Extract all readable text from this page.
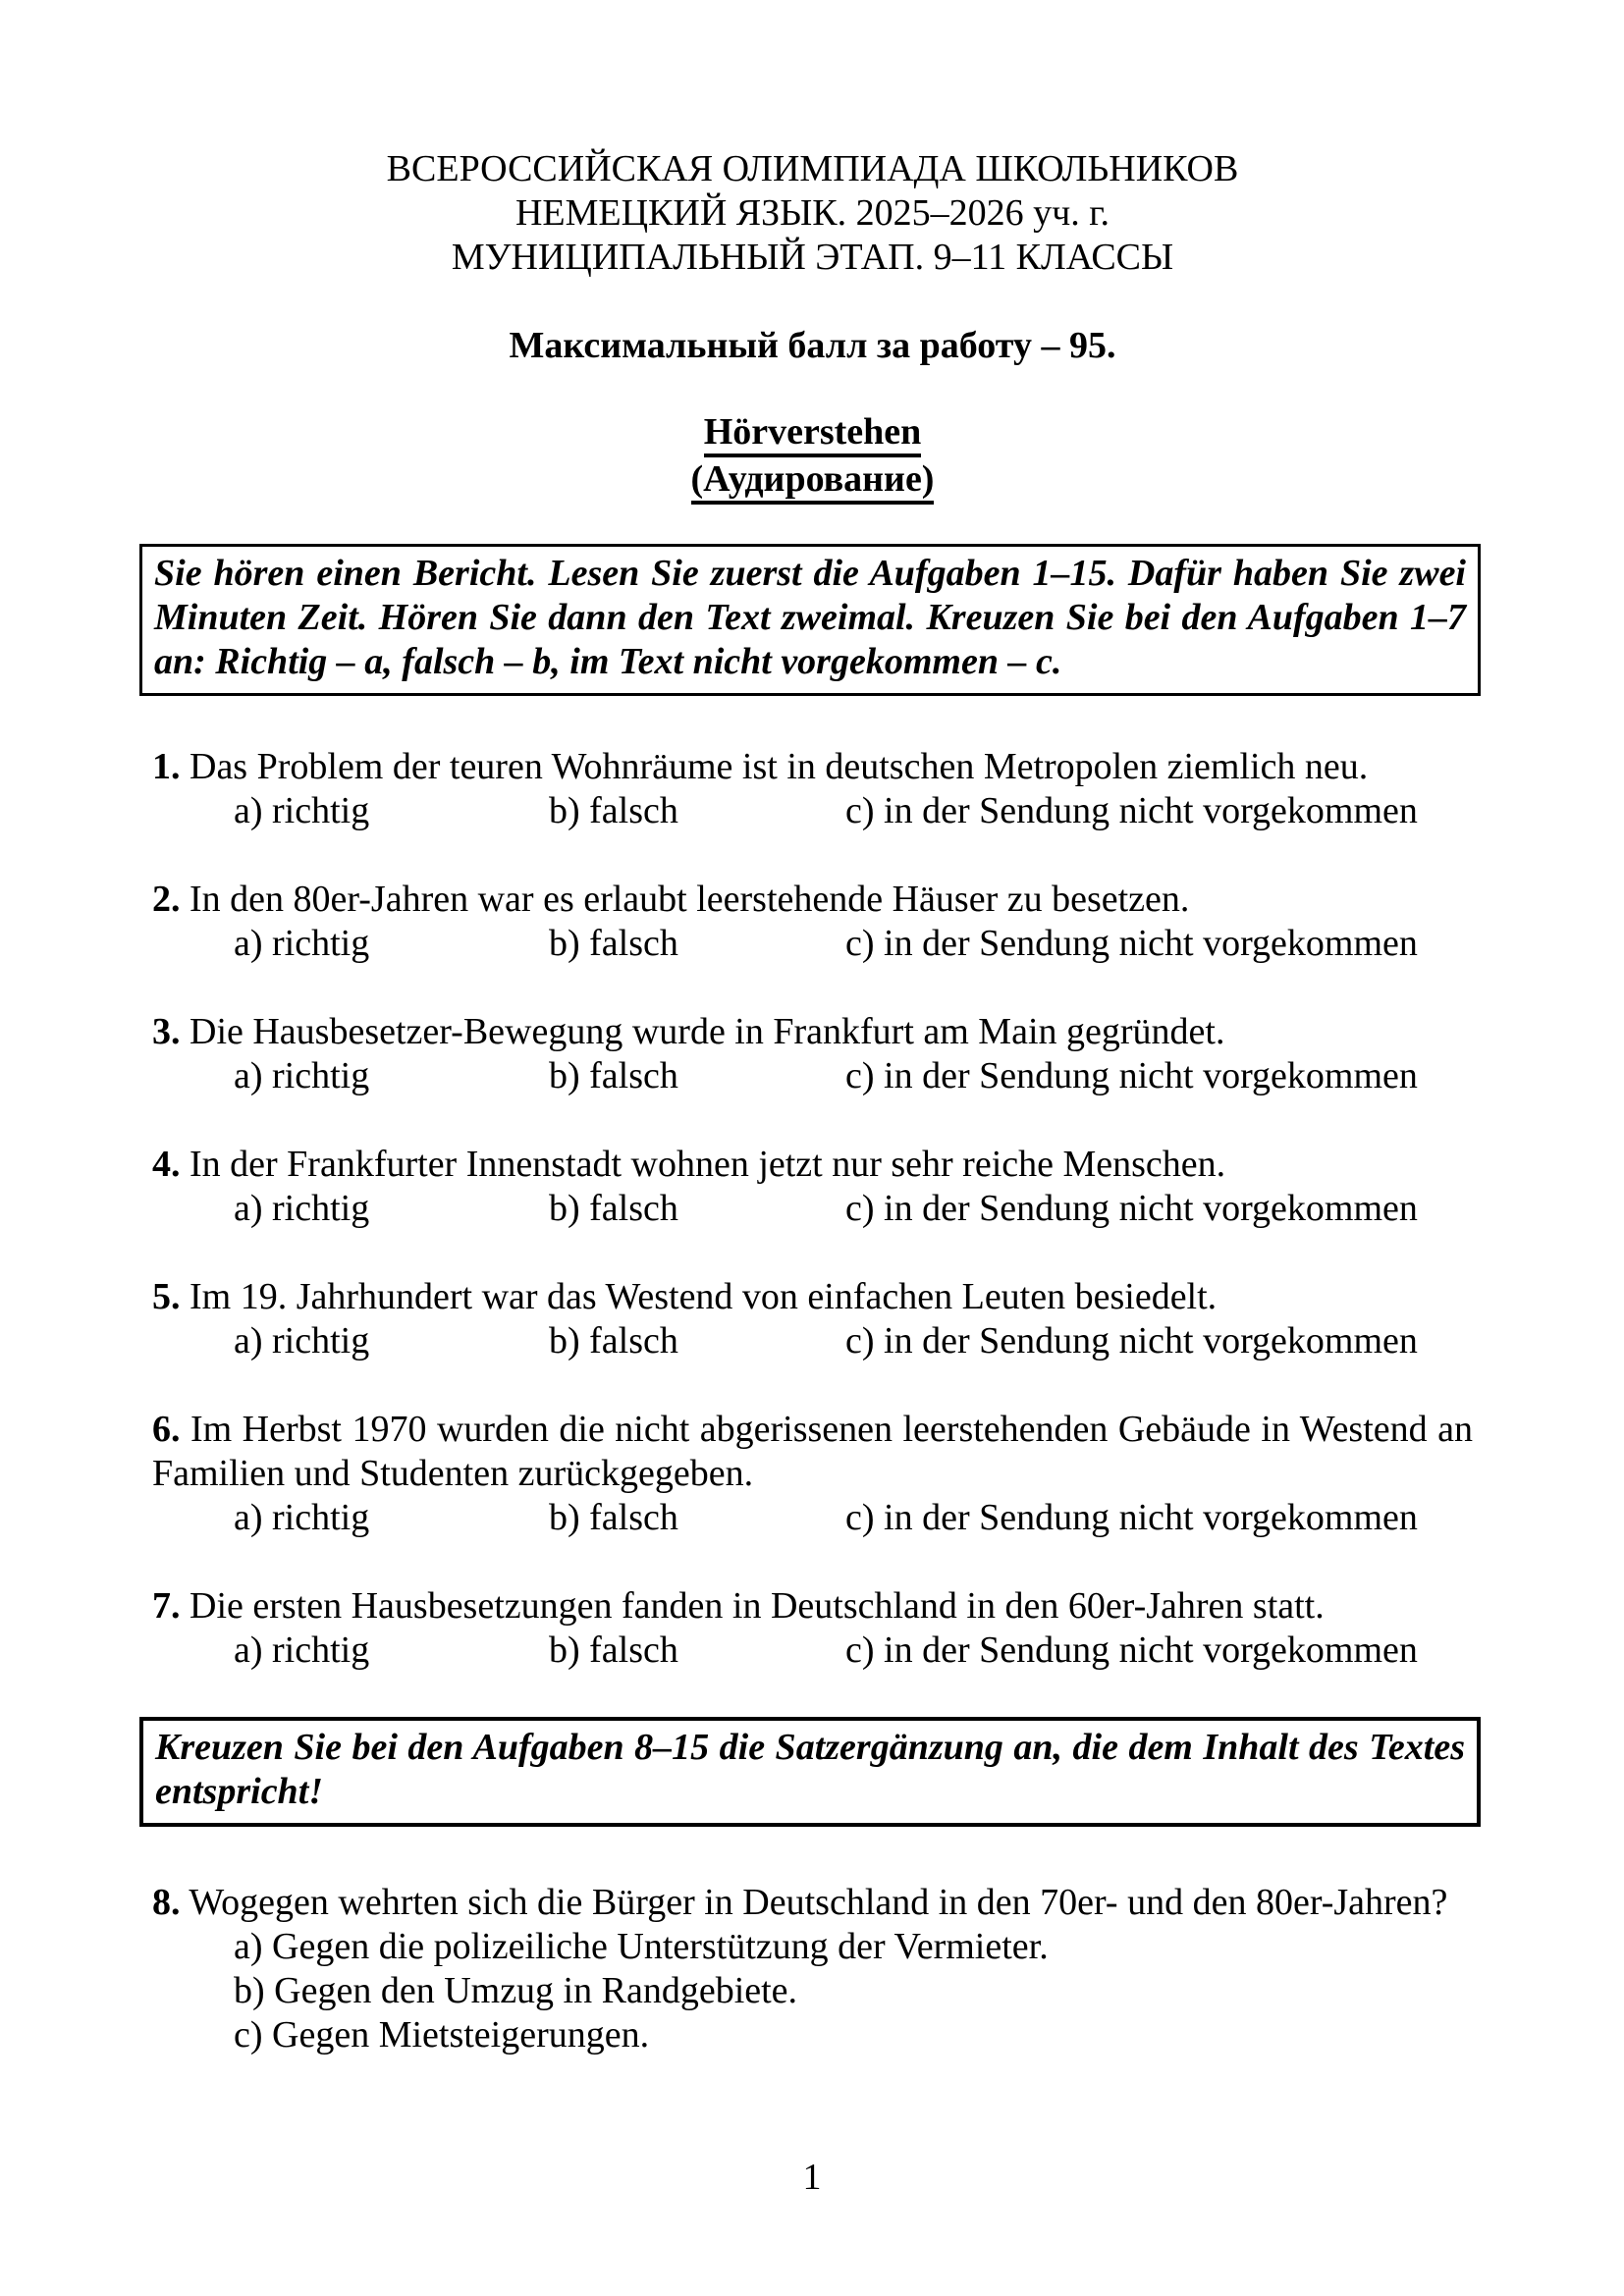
ВСЕРОССИЙСКАЯ ОЛИМПИАДА ШКОЛЬНИКОВ
НЕМЕЦКИЙ ЯЗЫК. 2025–2026 уч. г.
МУНИЦИПАЛЬНЫЙ ЭТАП. 9–11 КЛАССЫ
Максимальный балл за работу – 95.
Hörverstehen
(Аудирование)
Sie hören einen Bericht. Lesen Sie zuerst die Aufgaben 1–15. Dafür haben Sie zwei Minuten Zeit. Hören Sie dann den Text zweimal. Kreuzen Sie bei den Aufgaben 1–7 an: Richtig – a, falsch – b, im Text nicht vorgekommen – c.
1. Das Problem der teuren Wohnräume ist in deutschen Metropolen ziemlich neu.
a) richtig	b) falsch	c) in der Sendung nicht vorgekommen
2. In den 80er-Jahren war es erlaubt leerstehende Häuser zu besetzen.
a) richtig	b) falsch	c) in der Sendung nicht vorgekommen
3. Die Hausbesetzer-Bewegung wurde in Frankfurt am Main gegründet.
a) richtig	b) falsch	c) in der Sendung nicht vorgekommen
4. In der Frankfurter Innenstadt wohnen jetzt nur sehr reiche Menschen.
a) richtig	b) falsch	c) in der Sendung nicht vorgekommen
5. Im 19. Jahrhundert war das Westend von einfachen Leuten besiedelt.
a) richtig	b) falsch	c) in der Sendung nicht vorgekommen
6. Im Herbst 1970 wurden die nicht abgerissenen leerstehenden Gebäude in Westend an Familien und Studenten zurückgegeben.
a) richtig	b) falsch	c) in der Sendung nicht vorgekommen
7. Die ersten Hausbesetzungen fanden in Deutschland in den 60er-Jahren statt.
a) richtig	b) falsch	c) in der Sendung nicht vorgekommen
Kreuzen Sie bei den Aufgaben 8–15 die Satzergänzung an, die dem Inhalt des Textes entspricht!
8. Wogegen wehrten sich die Bürger in Deutschland in den 70er- und den 80er-Jahren?
a) Gegen die polizeiliche Unterstützung der Vermieter.
b) Gegen den Umzug in Randgebiete.
c) Gegen Mietsteigerungen.
1
